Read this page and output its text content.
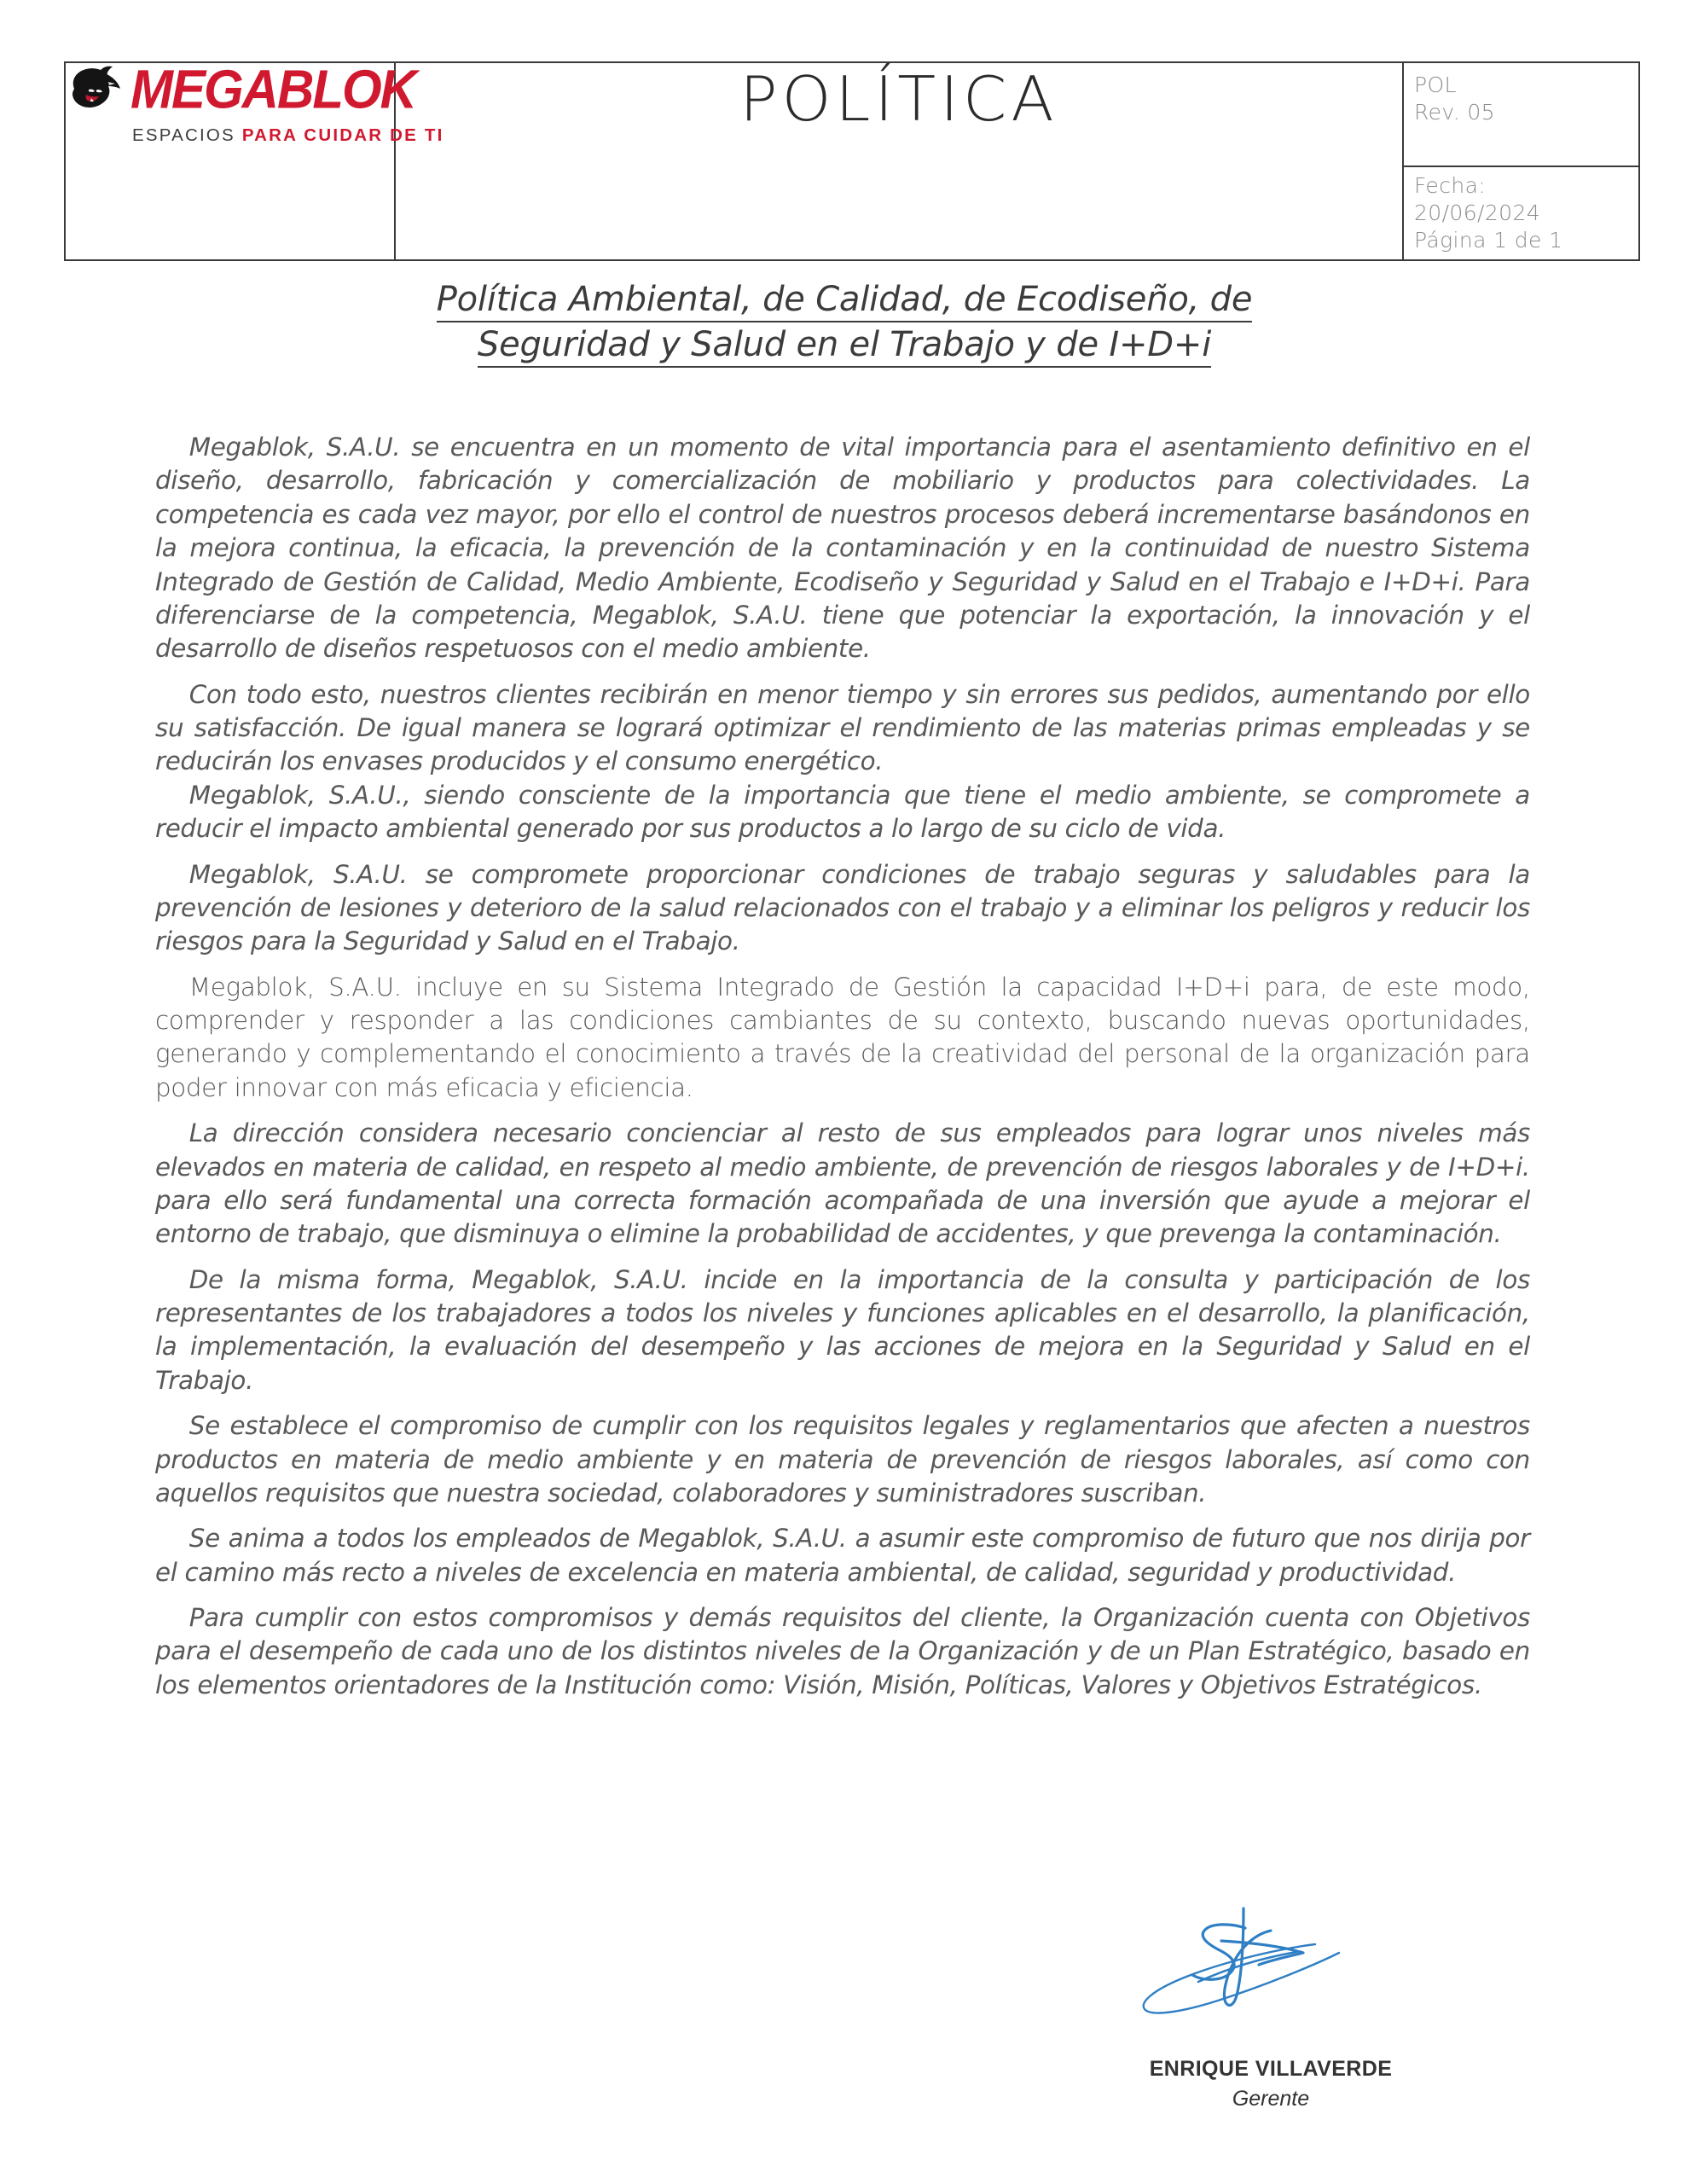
MEGABLOK
ESPACIOS PARA CUIDAR DE TI

POLÍTICA	POL
Rev. 05

Fecha:
20/06/2024
Página 1 de 1
Política Ambiental, de Calidad, de Ecodiseño, de
Seguridad y Salud en el Trabajo y de I+D+i

Megablok, S.A.U. se encuentra en un momento de vital importancia para el asentamiento definitivo en el diseño, desarrollo, fabricación y comercialización de mobiliario y productos para colectividades. La competencia es cada vez mayor, por ello el control de nuestros procesos deberá incrementarse basándonos en la mejora continua, la eficacia, la prevención de la contaminación y en la continuidad de nuestro Sistema Integrado de Gestión de Calidad, Medio Ambiente, Ecodiseño y Seguridad y Salud en el Trabajo e I+D+i. Para diferenciarse de la competencia, Megablok, S.A.U. tiene que potenciar la exportación, la innovación y el desarrollo de diseños respetuosos con el medio ambiente.

Con todo esto, nuestros clientes recibirán en menor tiempo y sin errores sus pedidos, aumentando por ello su satisfacción. De igual manera se logrará optimizar el rendimiento de las materias primas empleadas y se reducirán los envases producidos y el consumo energético.

Megablok, S.A.U., siendo consciente de la importancia que tiene el medio ambiente, se compromete a reducir el impacto ambiental generado por sus productos a lo largo de su ciclo de vida.

Megablok, S.A.U. se compromete proporcionar condiciones de trabajo seguras y saludables para la prevención de lesiones y deterioro de la salud relacionados con el trabajo y a eliminar los peligros y reducir los riesgos para la Seguridad y Salud en el Trabajo.

Megablok, S.A.U. incluye en su Sistema Integrado de Gestión la capacidad I+D+i para, de este modo, comprender y responder a las condiciones cambiantes de su contexto, buscando nuevas oportunidades, generando y complementando el conocimiento a través de la creatividad del personal de la organización para poder innovar con más eficacia y eficiencia.

La dirección considera necesario concienciar al resto de sus empleados para lograr unos niveles más elevados en materia de calidad, en respeto al medio ambiente, de prevención de riesgos laborales y de I+D+i. para ello será fundamental una correcta formación acompañada de una inversión que ayude a mejorar el entorno de trabajo, que disminuya o elimine la probabilidad de accidentes, y que prevenga la contaminación.

De la misma forma, Megablok, S.A.U. incide en la importancia de la consulta y participación de los representantes de los trabajadores a todos los niveles y funciones aplicables en el desarrollo, la planificación, la implementación, la evaluación del desempeño y las acciones de mejora en la Seguridad y Salud en el Trabajo.

Se establece el compromiso de cumplir con los requisitos legales y reglamentarios que afecten a nuestros productos en materia de medio ambiente y en materia de prevención de riesgos laborales, así como con aquellos requisitos que nuestra sociedad, colaboradores y suministradores suscriban.

Se anima a todos los empleados de Megablok, S.A.U. a asumir este compromiso de futuro que nos dirija por el camino más recto a niveles de excelencia en materia ambiental, de calidad, seguridad y productividad.

Para cumplir con estos compromisos y demás requisitos del cliente, la Organización cuenta con Objetivos para el desempeño de cada uno de los distintos niveles de la Organización y de un Plan Estratégico, basado en los elementos orientadores de la Institución como: Visión, Misión, Políticas, Valores y Objetivos Estratégicos.

ENRIQUE VILLAVERDE
Gerente
